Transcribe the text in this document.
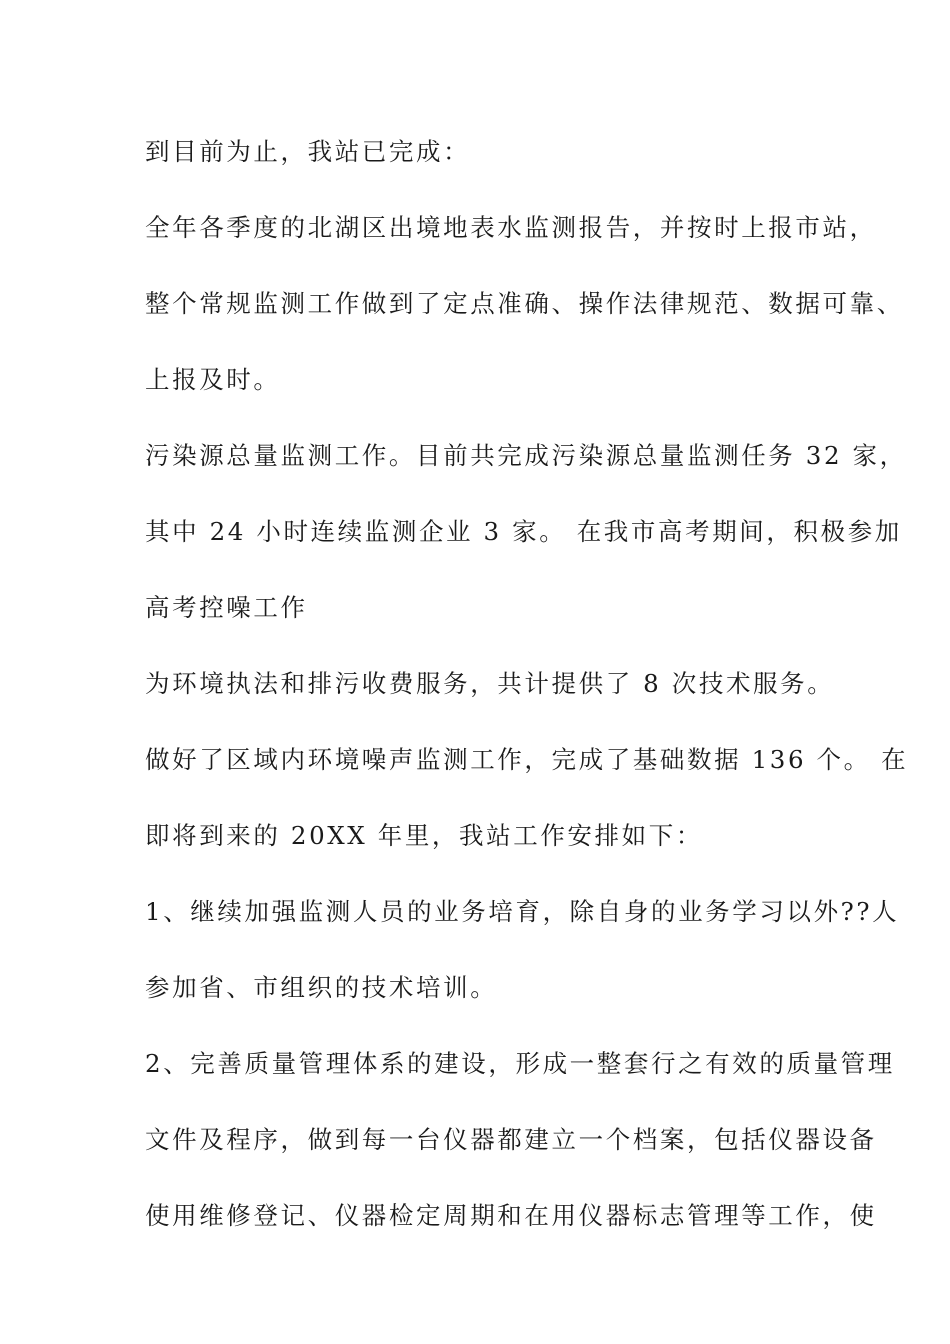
到目前为止，我站已完成：
全年各季度的北湖区出境地表水监测报告，并按时上报市站，
整个常规监测工作做到了定点准确、操作法律规范、数据可靠、
上报及时。
污染源总量监测工作。目前共完成污染源总量监测任务 32 家，
其中 24 小时连续监测企业 3 家。 在我市高考期间，积极参加
高考控噪工作
为环境执法和排污收费服务，共计提供了 8 次技术服务。
做好了区域内环境噪声监测工作，完成了基础数据 136 个。 在
即将到来的 20XX 年里，我站工作安排如下：
1、继续加强监测人员的业务培育，除自身的业务学习以外??人
参加省、市组织的技术培训。
2、完善质量管理体系的建设，形成一整套行之有效的质量管理
文件及程序，做到每一台仪器都建立一个档案，包括仪器设备
使用维修登记、仪器检定周期和在用仪器标志管理等工作，使
